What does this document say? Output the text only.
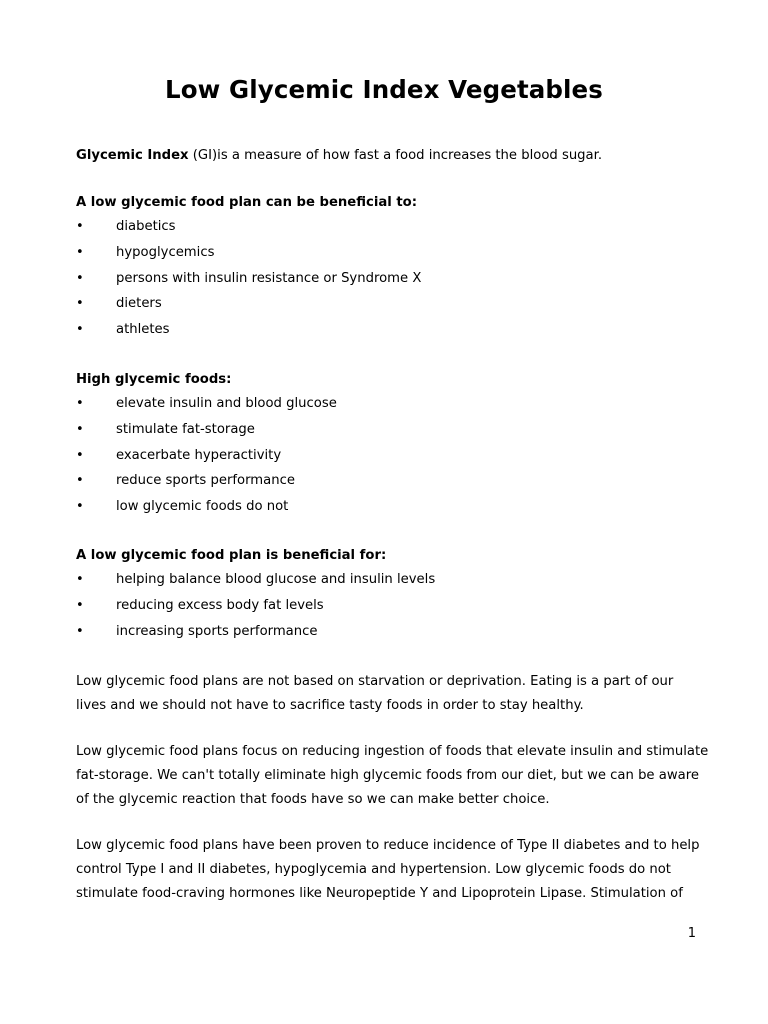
Low Glycemic Index Vegetables

Glycemic Index (GI)is a measure of how fast a food increases the blood sugar.

A low glycemic food plan can be beneficial to:

• diabetics
• hypoglycemics
• persons with insulin resistance or Syndrome X
• dieters
• athletes

High glycemic foods:

• elevate insulin and blood glucose
• stimulate fat-storage
• exacerbate hyperactivity
• reduce sports performance
• low glycemic foods do not

A low glycemic food plan is beneficial for:

• helping balance blood glucose and insulin levels
• reducing excess body fat levels
• increasing sports performance
Low glycemic food plans are not based on starvation or deprivation. Eating is a part of our
lives and we should not have to sacrifice tasty foods in order to stay healthy.
Low glycemic food plans focus on reducing ingestion of foods that elevate insulin and stimulate
fat-storage. We can't totally eliminate high glycemic foods from our diet, but we can be aware
of the glycemic reaction that foods have so we can make better choice.
Low glycemic food plans have been proven to reduce incidence of Type II diabetes and to help
control Type I and II diabetes, hypoglycemia and hypertension. Low glycemic foods do not
stimulate food-craving hormones like Neuropeptide Y and Lipoprotein Lipase. Stimulation of
1
